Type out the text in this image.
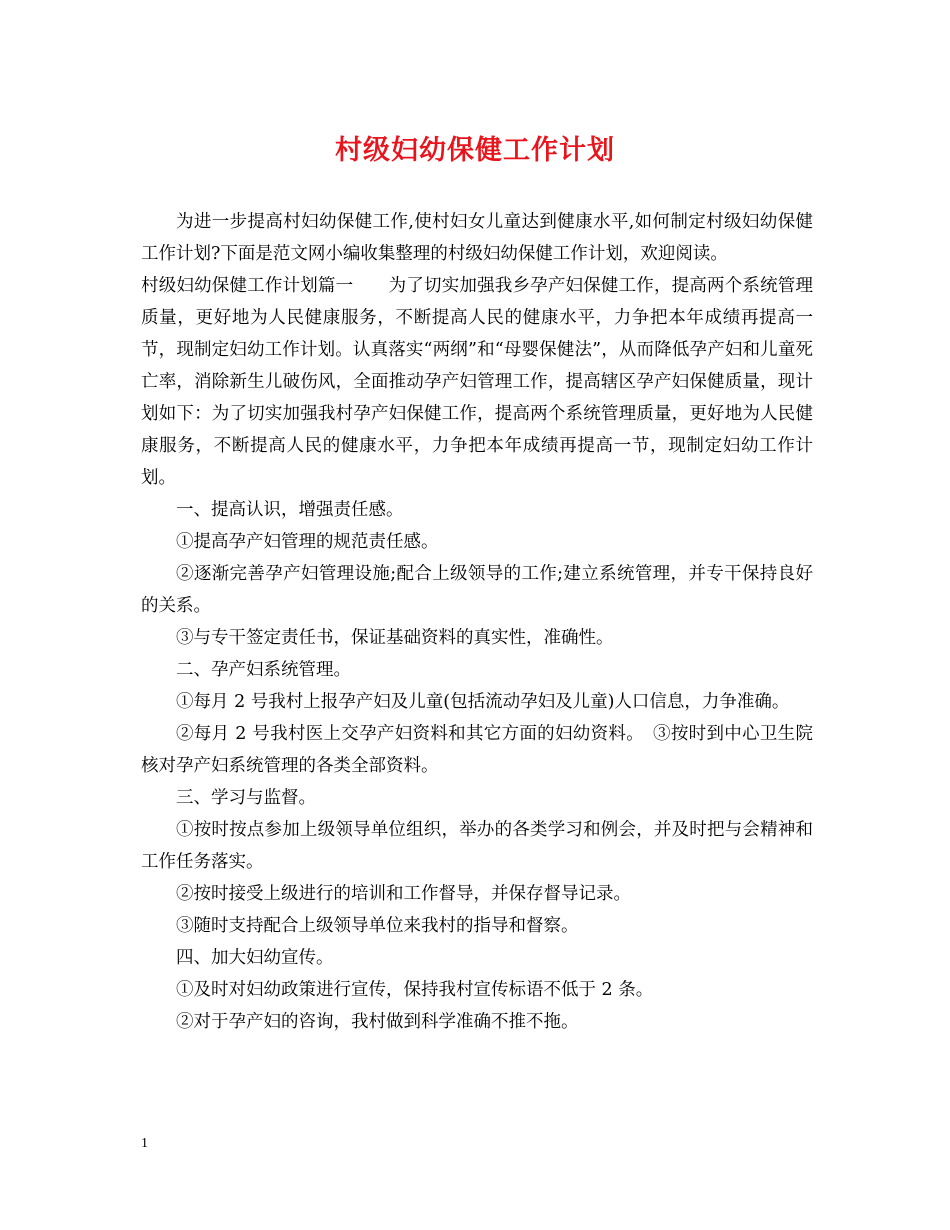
村级妇幼保健工作计划

为进一步提高村妇幼保健工作,使村妇女儿童达到健康水平,如何制定村级妇幼保健工作计划?下面是范文网小编收集整理的村级妇幼保健工作计划，欢迎阅读。

村级妇幼保健工作计划篇一　　为了切实加强我乡孕产妇保健工作，提高两个系统管理质量，更好地为人民健康服务，不断提高人民的健康水平，力争把本年成绩再提高一节，现制定妇幼工作计划。认真落实“两纲”和“母婴保健法”，从而降低孕产妇和儿童死亡率，消除新生儿破伤风，全面推动孕产妇管理工作，提高辖区孕产妇保健质量，现计划如下：为了切实加强我村孕产妇保健工作，提高两个系统管理质量，更好地为人民健康服务，不断提高人民的健康水平，力争把本年成绩再提高一节，现制定妇幼工作计划。

一、提高认识，增强责任感。

①提高孕产妇管理的规范责任感。

②逐渐完善孕产妇管理设施;配合上级领导的工作;建立系统管理，并专干保持良好的关系。

③与专干签定责任书，保证基础资料的真实性，准确性。

二、孕产妇系统管理。

①每月 2 号我村上报孕产妇及儿童(包括流动孕妇及儿童)人口信息，力争准确。

②每月 2 号我村医上交孕产妇资料和其它方面的妇幼资料。　③按时到中心卫生院核对孕产妇系统管理的各类全部资料。

三、学习与监督。

①按时按点参加上级领导单位组织，举办的各类学习和例会，并及时把与会精神和工作任务落实。

②按时接受上级进行的培训和工作督导，并保存督导记录。

③随时支持配合上级领导单位来我村的指导和督察。

四、加大妇幼宣传。

①及时对妇幼政策进行宣传，保持我村宣传标语不低于 2 条。

②对于孕产妇的咨询，我村做到科学准确不推不拖。

1
